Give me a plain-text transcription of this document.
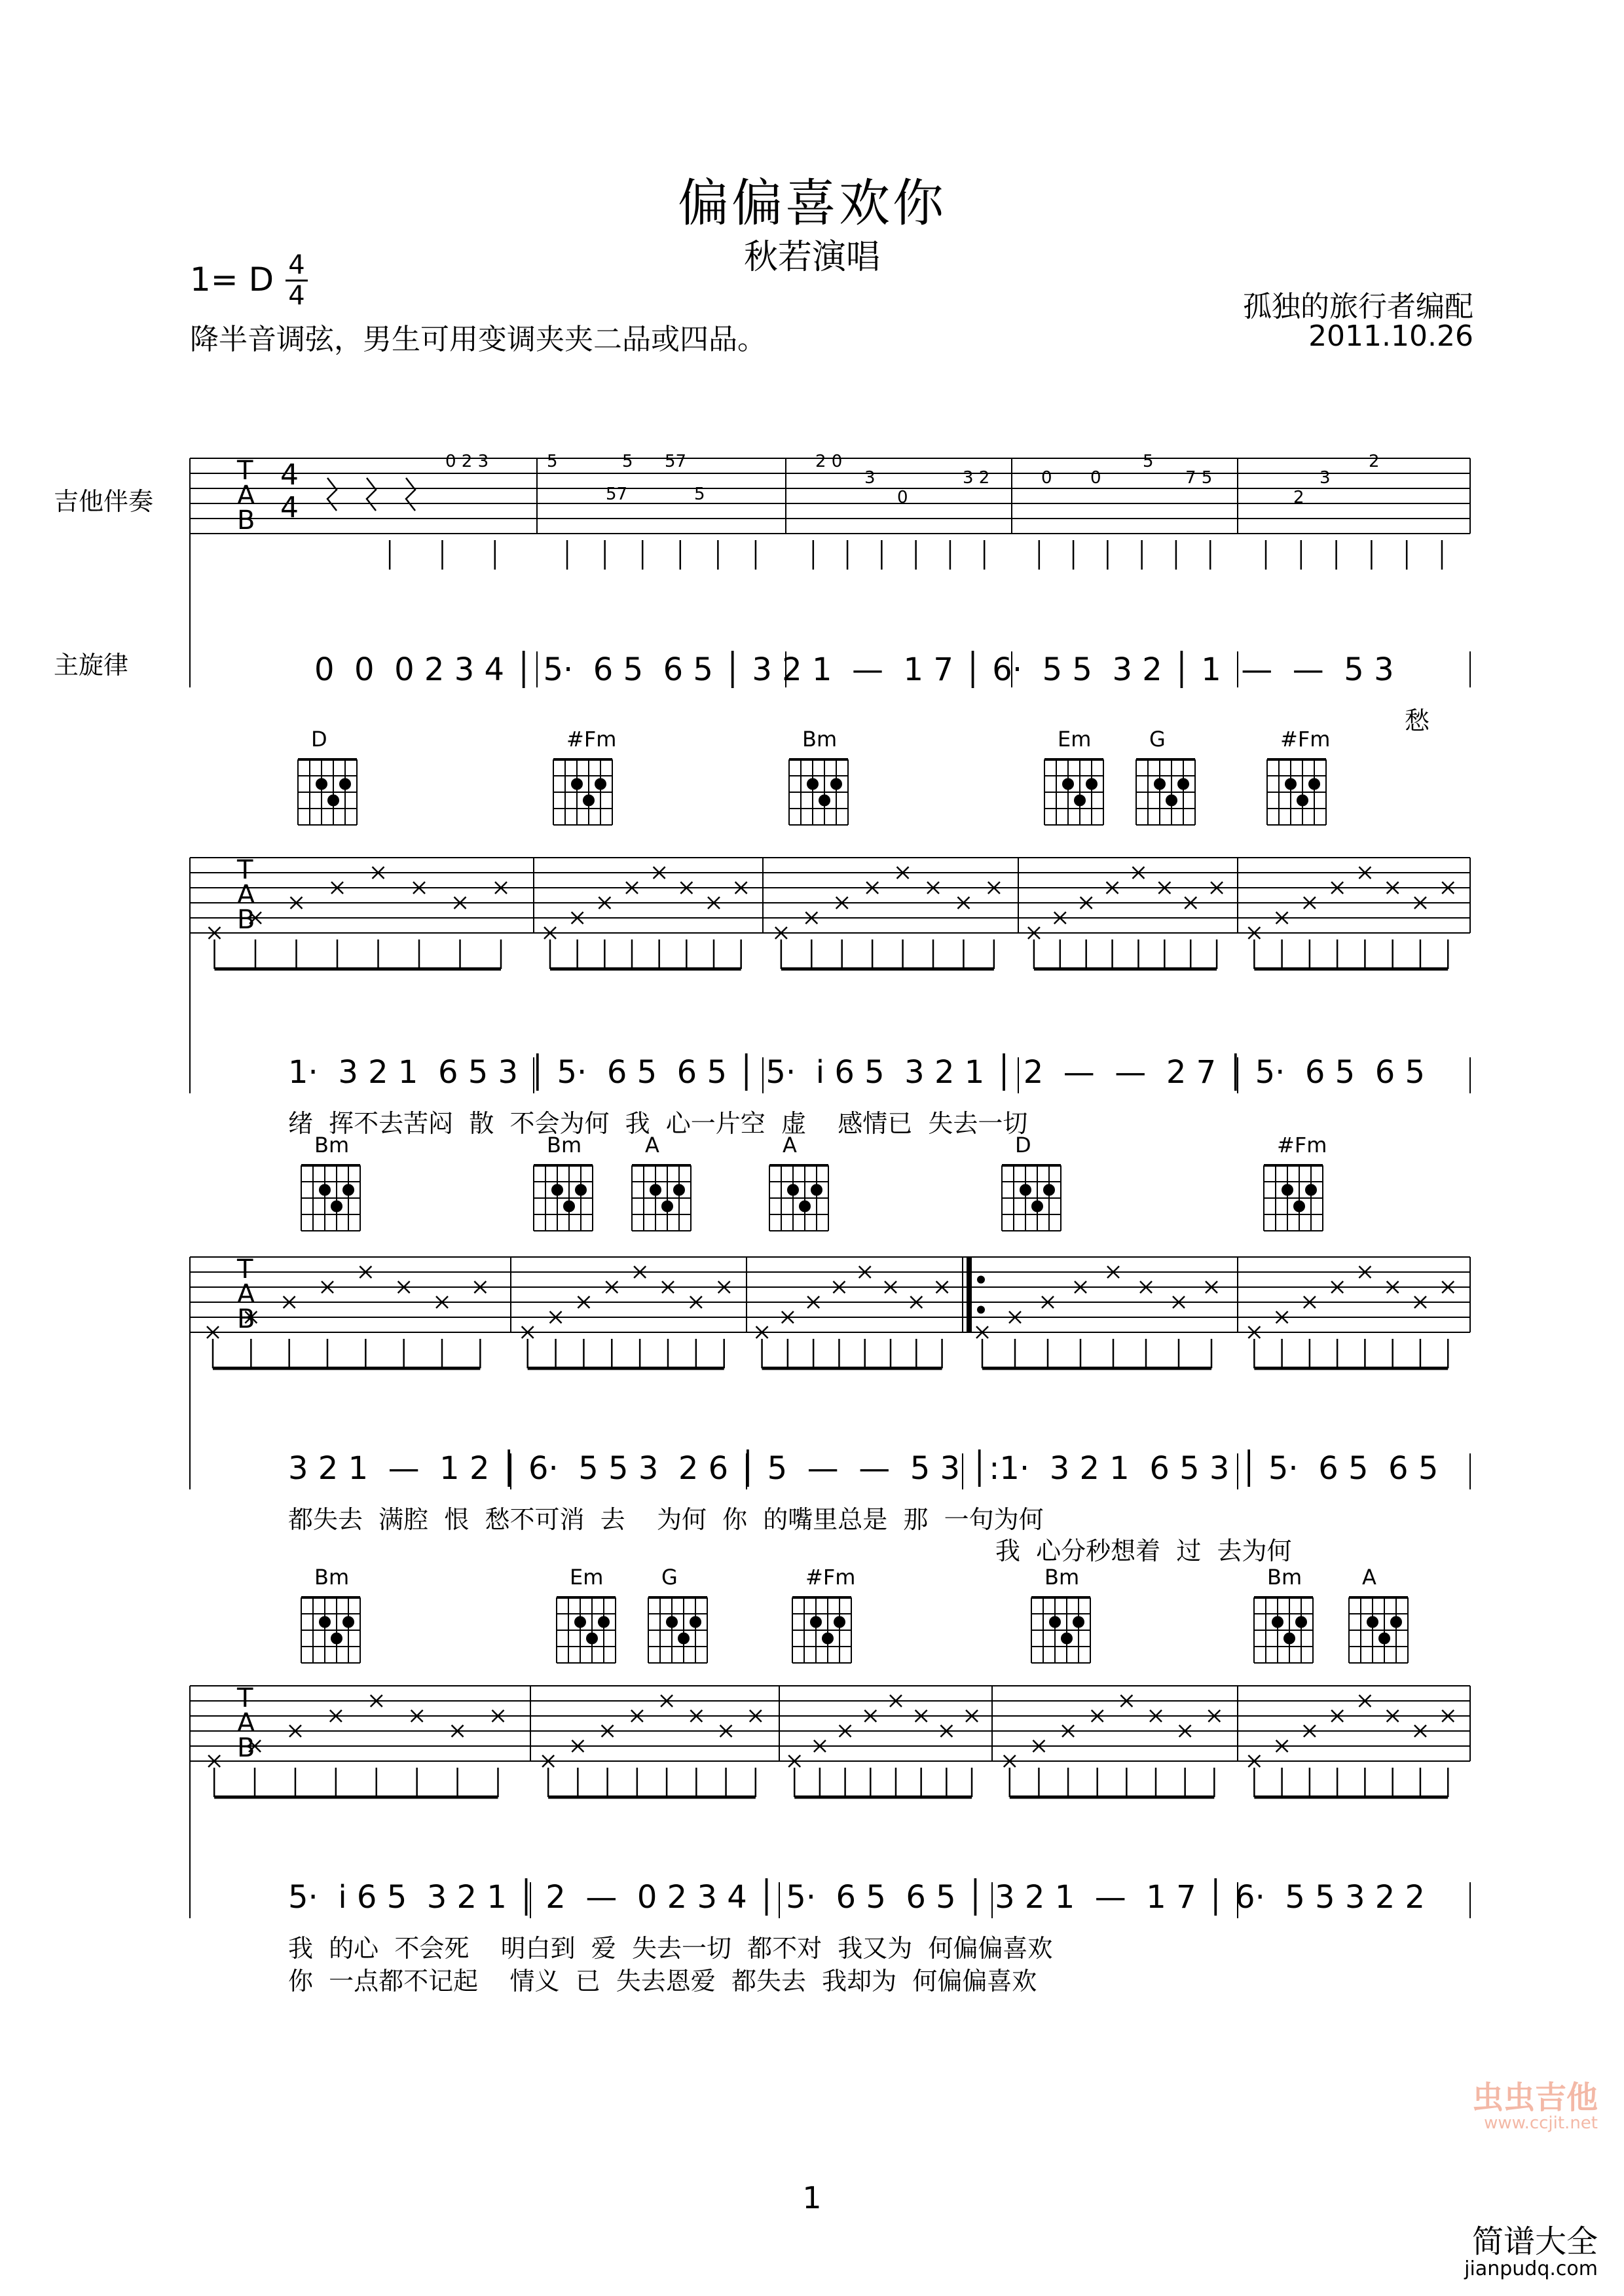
偏偏喜欢你
秋若演唱
1= D 4
4
降半音调弦，男生可用变调夹夹二品或四品。
孤独的旅行者编配
2011.10.26
吉他伴奏
主旋律
T
A
B
T
A
B
T
A
B
T
A
B
4
4
0 2 3	5
57
5 57
5
2 0
3
0
3 2	0 0
5
7 5
2
3
2
D	#Fm	Bm	Em	G	#Fm
Bm	Bm	A	A	D	#Fm
Bm	Em	G	#Fm	Bm	Bm	A
0  0  0 2 3 4 │ 5·  6 5  6 5 │ 3 2 1  —  1 7 │ 6·  5 5  3 2 │ 1  —  —  5 3
1·  3 2 1  6 5 3 │ 5·  6 5  6 5 │ 5·  i 6 5  3 2 1 │ 2  —  —  2 7 │ 5·  6 5  6 5
3 2 1  —  1 2 │ 6·  5 5 3  2 6 │ 5  —  —  5 3 │:1·  3 2 1  6 5 3 │ 5·  6 5  6 5
5·  i 6 5  3 2 1 │ 2  —  0 2 3 4 │ 5·  6 5  6 5 │ 3 2 1  —  1 7 │ 6·  5 5 3 2 2
愁
绪  挥不去苦闷  散  不会为何  我  心一片空  虚    感情已  失去一切
都失去  满腔  恨  愁不可消  去    为何  你  的嘴里总是  那  一句为何
我  心分秒想着  过  去为何
我  的心  不会死    明白到  爱  失去一切  都不对  我又为  何偏偏喜欢
你  一点都不记起    情义  已  失去恩爱  都失去  我却为  何偏偏喜欢
1
虫虫吉他
www.ccjit.net
简谱大全
jianpudq.com
